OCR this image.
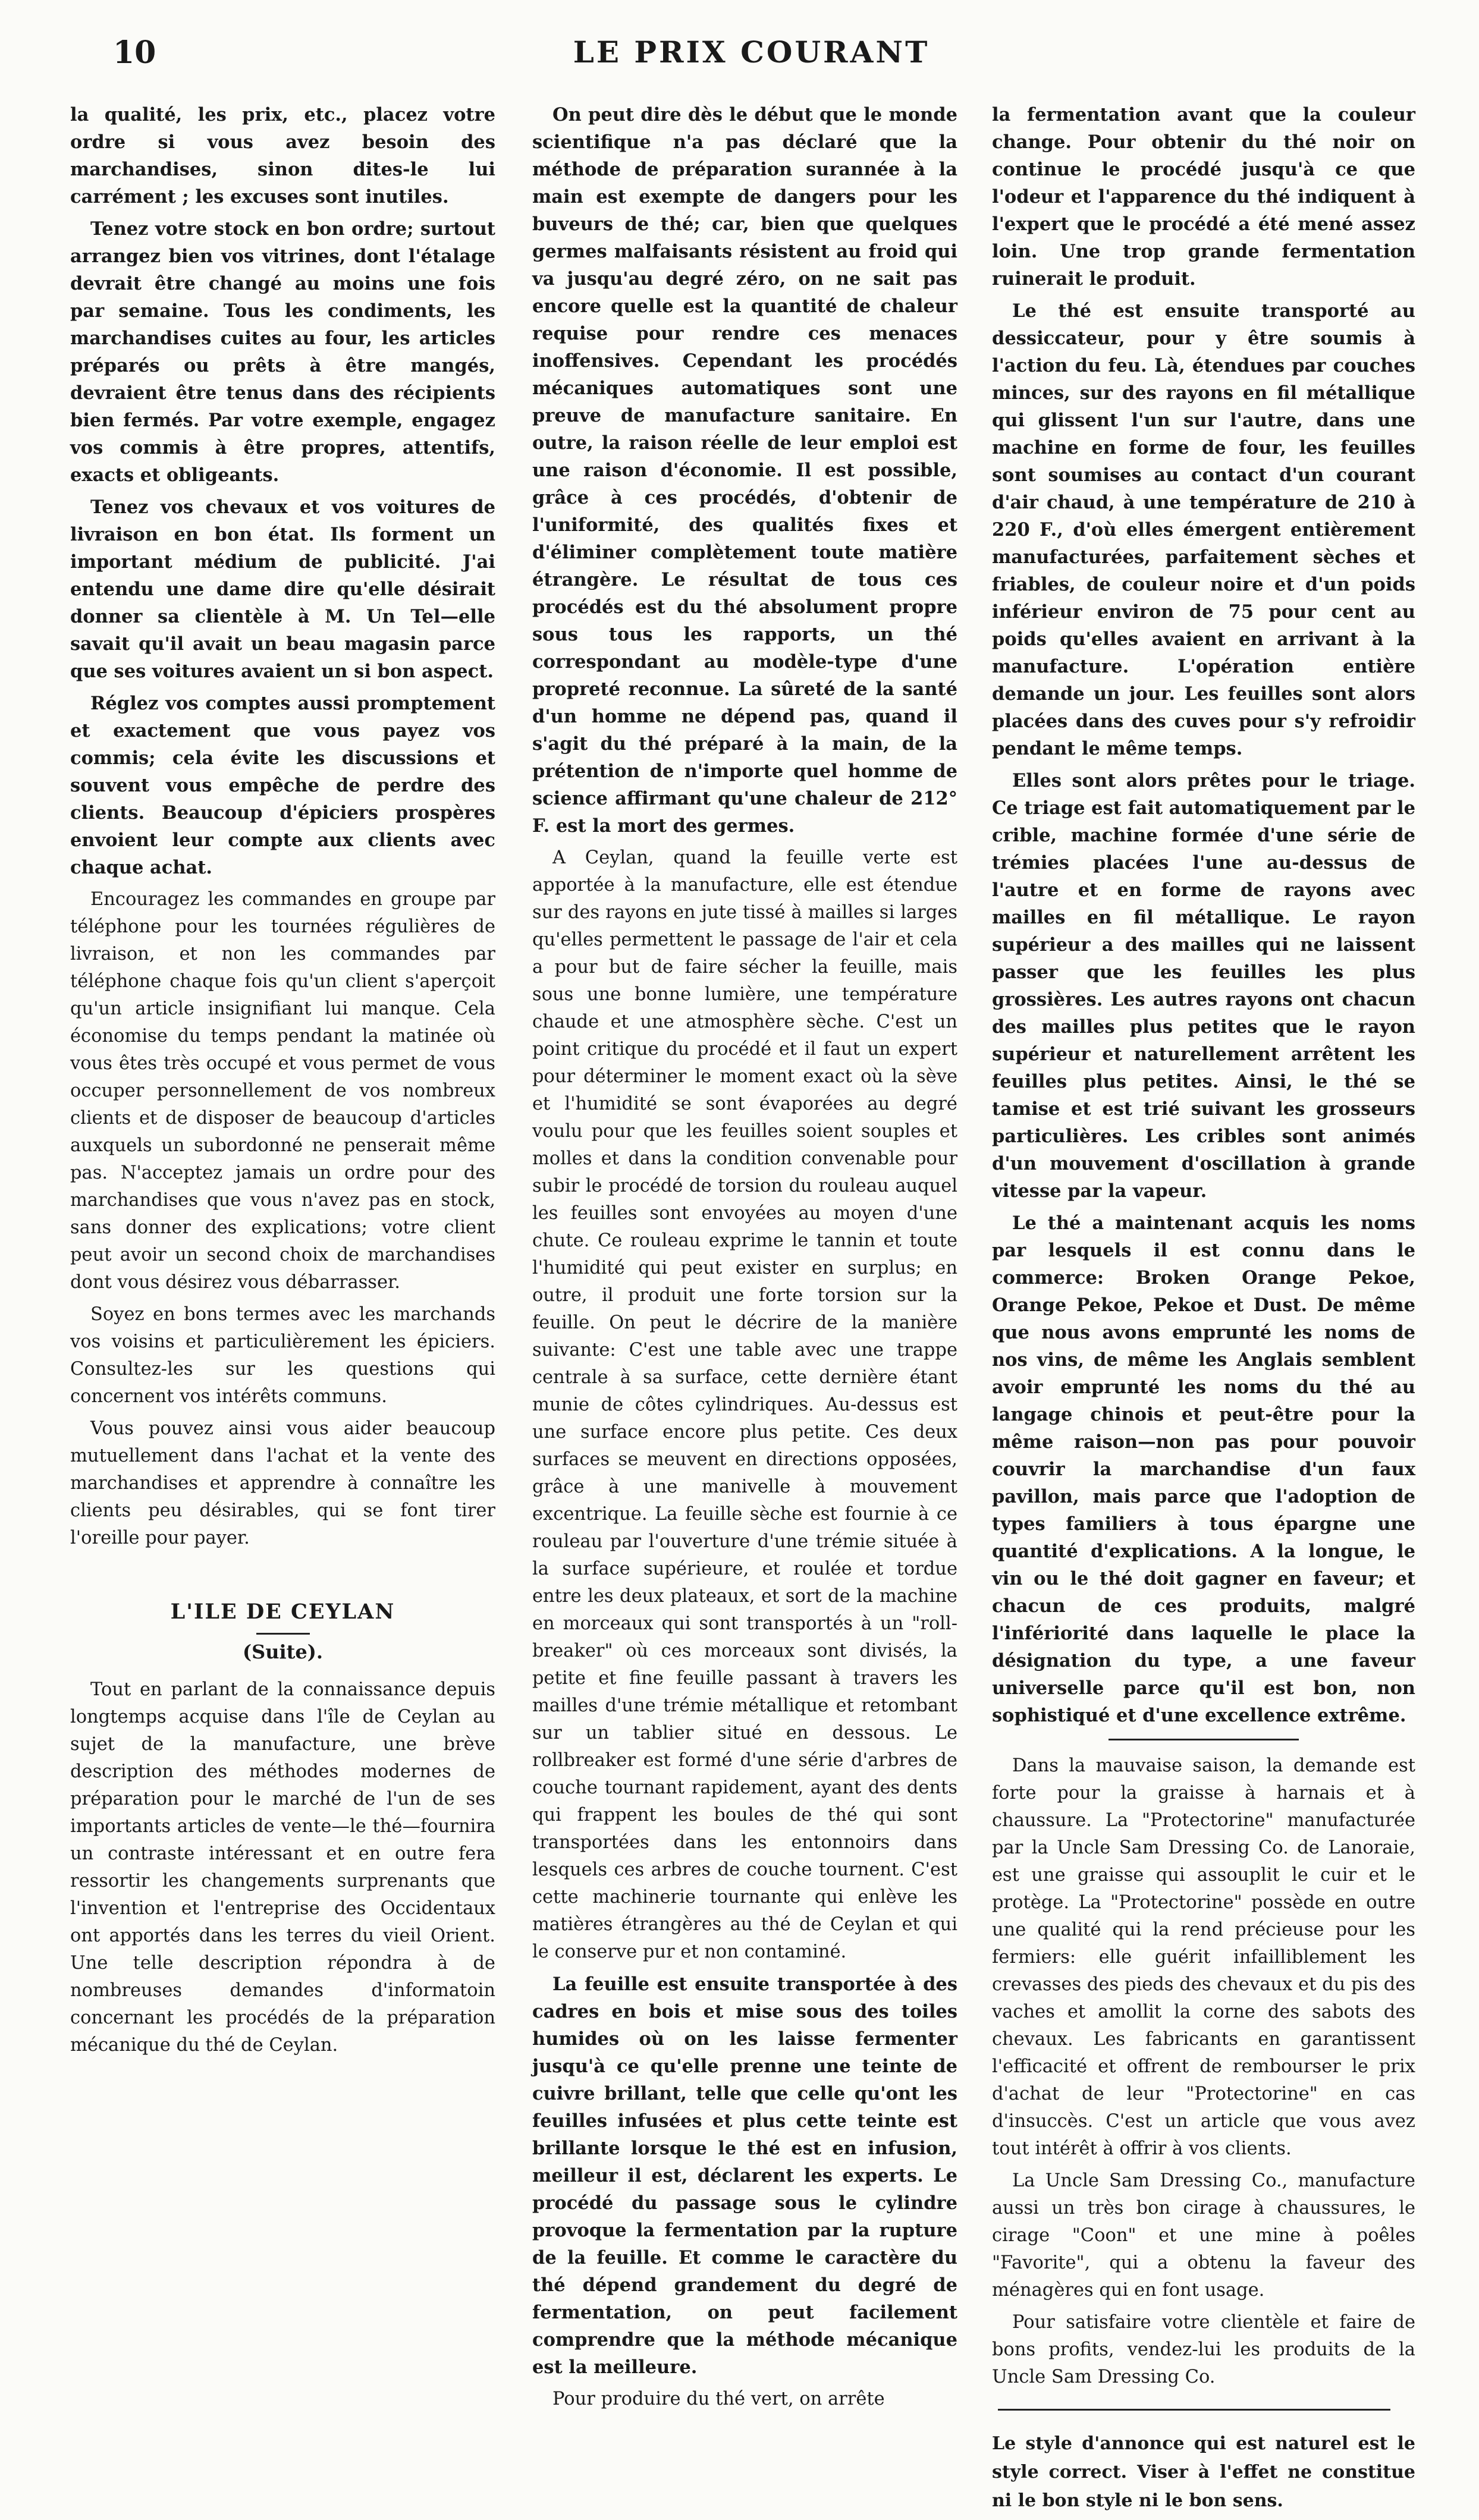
10	LE PRIX COURANT

la qualité, les prix, etc., placez votre ordre si vous avez besoin des marchandises, sinon dites-le lui carrément ; les excuses sont inutiles.

Tenez votre stock en bon ordre; surtout arrangez bien vos vitrines, dont l'étalage devrait être changé au moins une fois par semaine. Tous les condiments, les marchandises cuites au four, les articles préparés ou prêts à être mangés, devraient être tenus dans des récipients bien fermés. Par votre exemple, engagez vos commis à être propres, attentifs, exacts et obligeants.

Tenez vos chevaux et vos voitures de livraison en bon état. Ils forment un important médium de publicité. J'ai entendu une dame dire qu'elle désirait donner sa clientèle à M. Un Tel—elle savait qu'il avait un beau magasin parce que ses voitures avaient un si bon aspect.

Réglez vos comptes aussi promptement et exactement que vous payez vos commis; cela évite les discussions et souvent vous empêche de perdre des clients. Beaucoup d'épiciers prospères envoient leur compte aux clients avec chaque achat.

Encouragez les commandes en groupe par téléphone pour les tournées régulières de livraison, et non les commandes par téléphone chaque fois qu'un client s'aperçoit qu'un article insignifiant lui manque. Cela économise du temps pendant la matinée où vous êtes très occupé et vous permet de vous occuper personnellement de vos nombreux clients et de disposer de beaucoup d'articles auxquels un subordonné ne penserait même pas. N'acceptez jamais un ordre pour des marchandises que vous n'avez pas en stock, sans donner des explications; votre client peut avoir un second choix de marchandises dont vous désirez vous débarrasser.

Soyez en bons termes avec les marchands vos voisins et particulièrement les épiciers. Consultez-les sur les questions qui concernent vos intérêts communs.

Vous pouvez ainsi vous aider beaucoup mutuellement dans l'achat et la vente des marchandises et apprendre à connaître les clients peu désirables, qui se font tirer l'oreille pour payer.

L'ILE DE CEYLAN
(Suite).

Tout en parlant de la connaissance depuis longtemps acquise dans l'île de Ceylan au sujet de la manufacture, une brève description des méthodes modernes de préparation pour le marché de l'un de ses importants articles de vente—le thé—fournira un contraste intéressant et en outre fera ressortir les changements surprenants que l'invention et l'entreprise des Occidentaux ont apportés dans les terres du vieil Orient. Une telle description répondra à de nombreuses demandes d'informatoin concernant les procédés de la préparation mécanique du thé de Ceylan.

On peut dire dès le début que le monde scientifique n'a pas déclaré que la méthode de préparation surannée à la main est exempte de dangers pour les buveurs de thé; car, bien que quelques germes malfaisants résistent au froid qui va jusqu'au degré zéro, on ne sait pas encore quelle est la quantité de chaleur requise pour rendre ces menaces inoffensives. Cependant les procédés mécaniques automatiques sont une preuve de manufacture sanitaire. En outre, la raison réelle de leur emploi est une raison d'économie. Il est possible, grâce à ces procédés, d'obtenir de l'uniformité, des qualités fixes et d'éliminer complètement toute matière étrangère. Le résultat de tous ces procédés est du thé absolument propre sous tous les rapports, un thé correspondant au modèle-type d'une propreté reconnue. La sûreté de la santé d'un homme ne dépend pas, quand il s'agit du thé préparé à la main, de la prétention de n'importe quel homme de science affirmant qu'une chaleur de 212° F. est la mort des germes.

A Ceylan, quand la feuille verte est apportée à la manufacture, elle est étendue sur des rayons en jute tissé à mailles si larges qu'elles permettent le passage de l'air et cela a pour but de faire sécher la feuille, mais sous une bonne lumière, une température chaude et une atmosphère sèche. C'est un point critique du procédé et il faut un expert pour déterminer le moment exact où la sève et l'humidité se sont évaporées au degré voulu pour que les feuilles soient souples et molles et dans la condition convenable pour subir le procédé de torsion du rouleau auquel les feuilles sont envoyées au moyen d'une chute. Ce rouleau exprime le tannin et toute l'humidité qui peut exister en surplus; en outre, il produit une forte torsion sur la feuille. On peut le décrire de la manière suivante: C'est une table avec une trappe centrale à sa surface, cette dernière étant munie de côtes cylindriques. Au-dessus est une surface encore plus petite. Ces deux surfaces se meuvent en directions opposées, grâce à une manivelle à mouvement excentrique. La feuille sèche est fournie à ce rouleau par l'ouverture d'une trémie située à la surface supérieure, et roulée et tordue entre les deux plateaux, et sort de la machine en morceaux qui sont transportés à un "roll-breaker" où ces morceaux sont divisés, la petite et fine feuille passant à travers les mailles d'une trémie métallique et retombant sur un tablier situé en dessous. Le rollbreaker est formé d'une série d'arbres de couche tournant rapidement, ayant des dents qui frappent les boules de thé qui sont transportées dans les entonnoirs dans lesquels ces arbres de couche tournent. C'est cette machinerie tournante qui enlève les matières étrangères au thé de Ceylan et qui le conserve pur et non contaminé.

La feuille est ensuite transportée à des cadres en bois et mise sous des toiles humides où on les laisse fermenter jusqu'à ce qu'elle prenne une teinte de cuivre brillant, telle que celle qu'ont les feuilles infusées et plus cette teinte est brillante lorsque le thé est en infusion, meilleur il est, déclarent les experts. Le procédé du passage sous le cylindre provoque la fermentation par la rupture de la feuille. Et comme le caractère du thé dépend grandement du degré de fermentation, on peut facilement comprendre que la méthode mécanique est la meilleure.

Pour produire du thé vert, on arrête

la fermentation avant que la couleur change. Pour obtenir du thé noir on continue le procédé jusqu'à ce que l'odeur et l'apparence du thé indiquent à l'expert que le procédé a été mené assez loin. Une trop grande fermentation ruinerait le produit.

Le thé est ensuite transporté au dessiccateur, pour y être soumis à l'action du feu. Là, étendues par couches minces, sur des rayons en fil métallique qui glissent l'un sur l'autre, dans une machine en forme de four, les feuilles sont soumises au contact d'un courant d'air chaud, à une température de 210 à 220 F., d'où elles émergent entièrement manufacturées, parfaitement sèches et friables, de couleur noire et d'un poids inférieur environ de 75 pour cent au poids qu'elles avaient en arrivant à la manufacture. L'opération entière demande un jour. Les feuilles sont alors placées dans des cuves pour s'y refroidir pendant le même temps.

Elles sont alors prêtes pour le triage. Ce triage est fait automatiquement par le crible, machine formée d'une série de trémies placées l'une au-dessus de l'autre et en forme de rayons avec mailles en fil métallique. Le rayon supérieur a des mailles qui ne laissent passer que les feuilles les plus grossières. Les autres rayons ont chacun des mailles plus petites que le rayon supérieur et naturellement arrêtent les feuilles plus petites. Ainsi, le thé se tamise et est trié suivant les grosseurs particulières. Les cribles sont animés d'un mouvement d'oscillation à grande vitesse par la vapeur.

Le thé a maintenant acquis les noms par lesquels il est connu dans le commerce: Broken Orange Pekoe, Orange Pekoe, Pekoe et Dust. De même que nous avons emprunté les noms de nos vins, de même les Anglais semblent avoir emprunté les noms du thé au langage chinois et peut-être pour la même raison—non pas pour pouvoir couvrir la marchandise d'un faux pavillon, mais parce que l'adoption de types familiers à tous épargne une quantité d'explications. A la longue, le vin ou le thé doit gagner en faveur; et chacun de ces produits, malgré l'infériorité dans laquelle le place la désignation du type, a une faveur universelle parce qu'il est bon, non sophistiqué et d'une excellence extrême.

Dans la mauvaise saison, la demande est forte pour la graisse à harnais et à chaussure. La "Protectorine" manufacturée par la Uncle Sam Dressing Co. de Lanoraie, est une graisse qui assouplit le cuir et le protège. La "Protectorine" possède en outre une qualité qui la rend précieuse pour les fermiers: elle guérit infailliblement les crevasses des pieds des chevaux et du pis des vaches et amollit la corne des sabots des chevaux. Les fabricants en garantissent l'efficacité et offrent de rembourser le prix d'achat de leur "Protectorine" en cas d'insuccès. C'est un article que vous avez tout intérêt à offrir à vos clients.

La Uncle Sam Dressing Co., manufacture aussi un très bon cirage à chaussures, le cirage "Coon" et une mine à poêles "Favorite", qui a obtenu la faveur des ménagères qui en font usage.

Pour satisfaire votre clientèle et faire de bons profits, vendez-lui les produits de la Uncle Sam Dressing Co.

Le style d'annonce qui est naturel est le style correct. Viser à l'effet ne constitue ni le bon style ni le bon sens.
